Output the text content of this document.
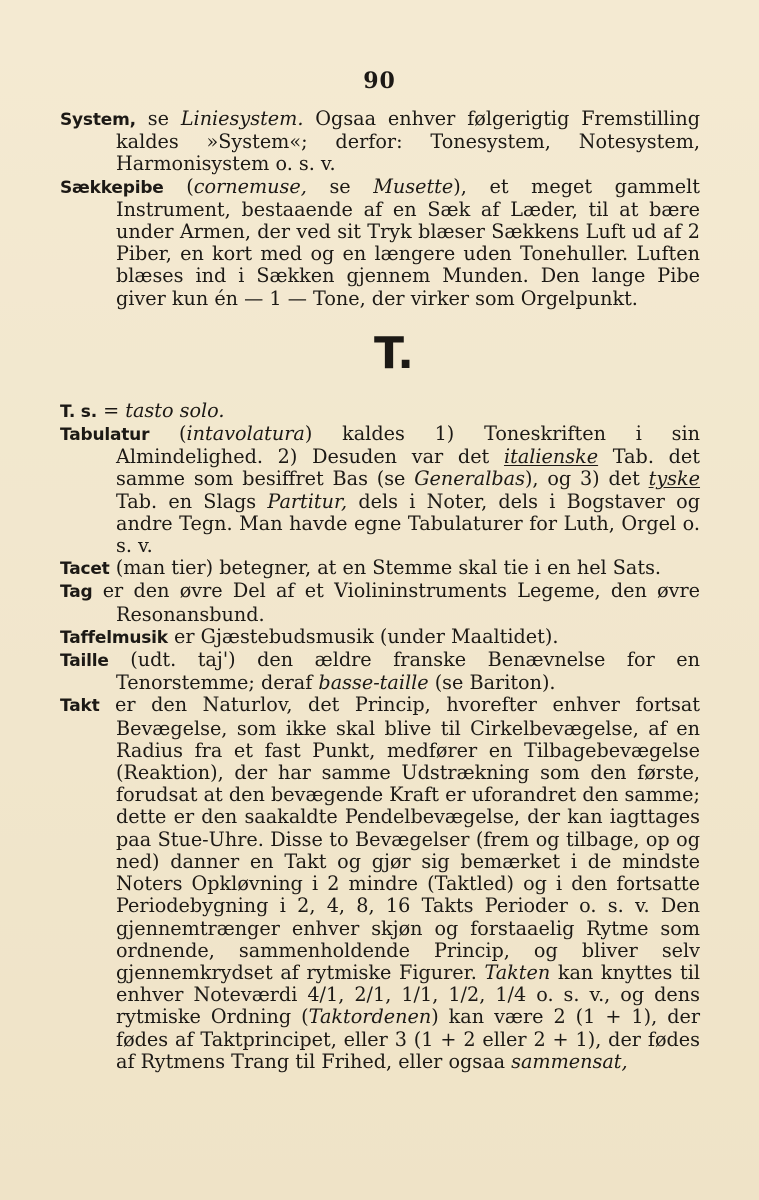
90

System, se Liniesystem. Ogsaa enhver følgerigtig Fremstilling kaldes »System«; derfor: Tonesystem, Notesystem, Harmonisystem o. s. v.

Sækkepibe (cornemuse, se Musette), et meget gammelt Instrument, bestaaende af en Sæk af Læder, til at bære under Armen, der ved sit Tryk blæser Sækkens Luft ud af 2 Piber, en kort med og en længere uden Tonehuller. Luften blæses ind i Sækken gjennem Munden. Den lange Pibe giver kun én — 1 — Tone, der virker som Orgelpunkt.

T.

T. s. = tasto solo.

Tabulatur (intavolatura) kaldes 1) Toneskriften i sin Almindelighed. 2) Desuden var det italienske Tab. det samme som besiffret Bas (se Generalbas), og 3) det tyske Tab. en Slags Partitur, dels i Noter, dels i Bogstaver og andre Tegn. Man havde egne Tabulaturer for Luth, Orgel o. s. v.

Tacet (man tier) betegner, at en Stemme skal tie i en hel Sats.

Tag er den øvre Del af et Violininstruments Legeme, den øvre Resonansbund.

Taffelmusik er Gjæstebudsmusik (under Maaltidet).

Taille (udt. taj') den ældre franske Benævnelse for en Tenorstemme; deraf basse-taille (se Bariton).

Takt er den Naturlov, det Princip, hvorefter enhver fortsat Bevægelse, som ikke skal blive til Cirkelbevægelse, af en Radius fra et fast Punkt, medfører en Tilbagebevægelse (Reaktion), der har samme Udstrækning som den første, forudsat at den bevægende Kraft er uforandret den samme; dette er den saakaldte Pendelbevægelse, der kan iagttages paa Stue-Uhre. Disse to Bevægelser (frem og tilbage, op og ned) danner en Takt og gjør sig bemærket i de mindste Noters Opkløvning i 2 mindre (Taktled) og i den fortsatte Periodebygning i 2, 4, 8, 16 Takts Perioder o. s. v. Den gjennemtrænger enhver skjøn og forstaaelig Rytme som ordnende, sammenholdende Princip, og bliver selv gjennemkrydset af rytmiske Figurer. Takten kan knyttes til enhver Noteværdi 4/1, 2/1, 1/1, 1/2, 1/4 o. s. v., og dens rytmiske Ordning (Taktordenen) kan være 2 (1 + 1), der fødes af Taktprincipet, eller 3 (1 + 2 eller 2 + 1), der fødes af Rytmens Trang til Frihed, eller ogsaa sammensat,
